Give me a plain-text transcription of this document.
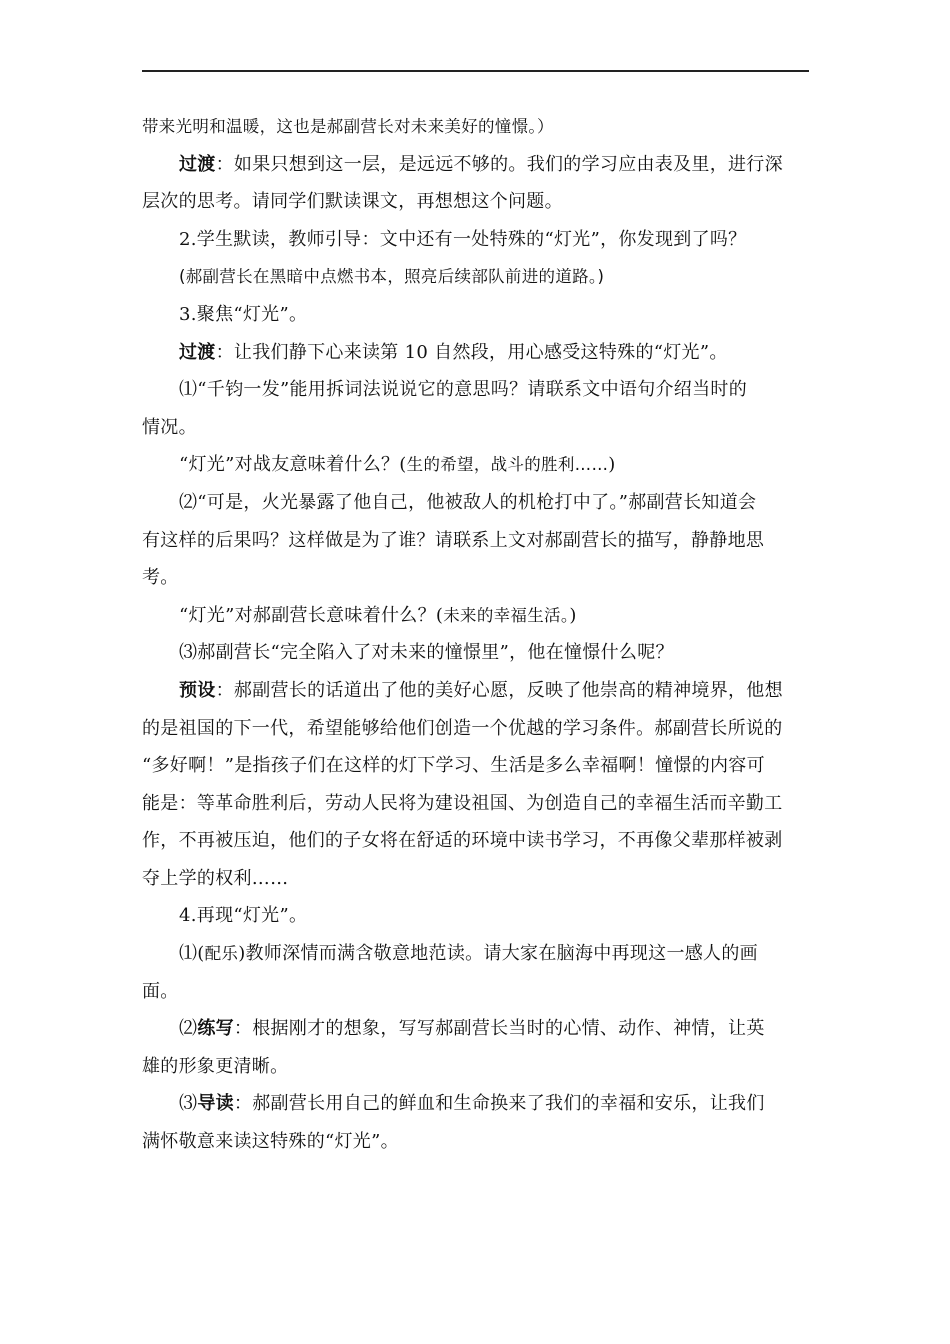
带来光明和温暖，这也是郝副营长对未来美好的憧憬。）
过渡：如果只想到这一层，是远远不够的。我们的学习应由表及里，进行深
层次的思考。请同学们默读课文，再想想这个问题。
2.学生默读，教师引导：文中还有一处特殊的“灯光”，你发现到了吗？
(郝副营长在黑暗中点燃书本，照亮后续部队前进的道路。)
3.聚焦“灯光”。
过渡：让我们静下心来读第 10 自然段，用心感受这特殊的“灯光”。
⑴“千钧一发”能用拆词法说说它的意思吗？请联系文中语句介绍当时的
情况。
“灯光”对战友意味着什么？(生的希望，战斗的胜利……)
⑵“可是，火光暴露了他自己，他被敌人的机枪打中了。”郝副营长知道会
有这样的后果吗？这样做是为了谁？请联系上文对郝副营长的描写，静静地思
考。
“灯光”对郝副营长意味着什么？(未来的幸福生活。)
⑶郝副营长“完全陷入了对未来的憧憬里”，他在憧憬什么呢？
预设：郝副营长的话道出了他的美好心愿，反映了他崇高的精神境界，他想
的是祖国的下一代，希望能够给他们创造一个优越的学习条件。郝副营长所说的
“多好啊！”是指孩子们在这样的灯下学习、生活是多么幸福啊！憧憬的内容可
能是：等革命胜利后，劳动人民将为建设祖国、为创造自己的幸福生活而辛勤工
作，不再被压迫，他们的子女将在舒适的环境中读书学习，不再像父辈那样被剥
夺上学的权利……
4.再现“灯光”。
⑴(配乐)教师深情而满含敬意地范读。请大家在脑海中再现这一感人的画
面。
⑵练写：根据刚才的想象，写写郝副营长当时的心情、动作、神情，让英
雄的形象更清晰。
⑶导读：郝副营长用自己的鲜血和生命换来了我们的幸福和安乐，让我们
满怀敬意来读这特殊的“灯光”。
